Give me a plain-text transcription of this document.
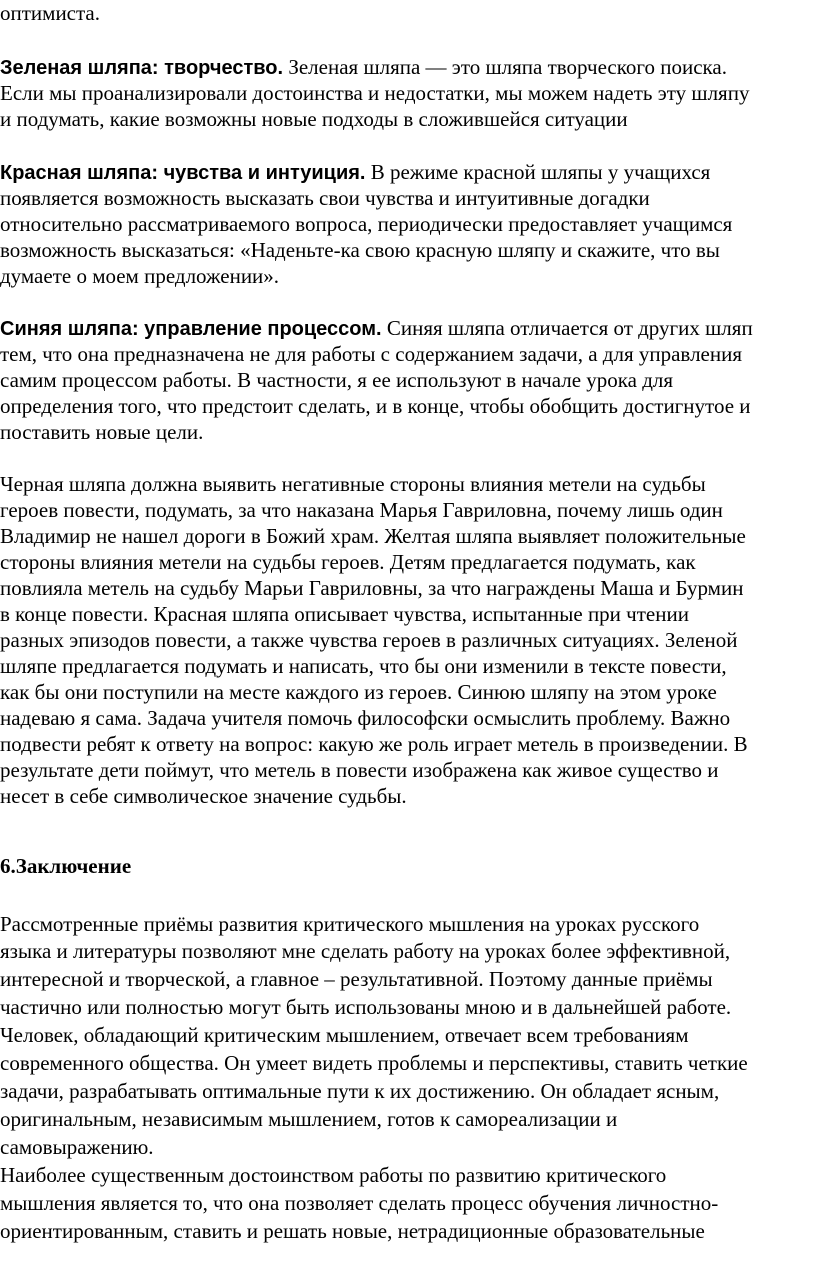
оптимиста.
Зеленая шляпа: творчество. Зеленая шляпа — это шляпа творческого поиска.
Если мы проанализировали достоинства и недостатки, мы можем надеть эту шляпу
и подумать, какие возможны новые подходы в сложившейся ситуации
Красная шляпа: чувства и интуиция. В режиме красной шляпы у учащихся
появляется возможность высказать свои чувства и интуитивные догадки
относительно рассматриваемого вопроса, периодически предоставляет учащимся
возможность высказаться: «Наденьте-ка свою красную шляпу и скажите, что вы
думаете о моем предложении».
Синяя шляпа: управление процессом. Синяя шляпа отличается от других шляп
тем, что она предназначена не для работы с содержанием задачи, а для управления
самим процессом работы. В частности, я ее используют в начале урока для
определения того, что предстоит сделать, и в конце, чтобы обобщить достигнутое и
поставить новые цели.
Черная шляпа должна выявить негативные стороны влияния метели на судьбы
героев повести, подумать, за что наказана Марья Гавриловна, почему лишь один
Владимир не нашел дороги в Божий храм. Желтая шляпа выявляет положительные
стороны влияния метели на судьбы героев. Детям предлагается подумать, как
повлияла метель на судьбу Марьи Гавриловны, за что награждены Маша и Бурмин
в конце повести. Красная шляпа описывает чувства, испытанные при чтении
разных эпизодов повести, а также чувства героев в различных ситуациях. Зеленой
шляпе предлагается подумать и написать, что бы они изменили в тексте повести,
как бы они поступили на месте каждого из героев. Синюю шляпу на этом уроке
надеваю я сама. Задача учителя помочь философски осмыслить проблему. Важно
подвести ребят к ответу на вопрос: какую же роль играет метель в произведении. В
результате дети поймут, что метель в повести изображена как живое существо и
несет в себе символическое значение судьбы.
6.Заключение
Рассмотренные приёмы развития критического мышления на уроках русского
языка и литературы позволяют мне сделать работу на уроках более эффективной,
интересной и творческой, а главное – результативной. Поэтому данные приёмы
частично или полностью могут быть использованы мною и в дальнейшей работе.
Человек, обладающий критическим мышлением, отвечает всем требованиям
современного общества. Он умеет видеть проблемы и перспективы, ставить четкие
задачи, разрабатывать оптимальные пути к их достижению. Он обладает ясным,
оригинальным, независимым мышлением, готов к самореализации и
самовыражению.
Наиболее существенным достоинством работы по развитию критического
мышления является то, что она позволяет сделать процесс обучения личностно-
ориентированным, ставить и решать новые, нетрадиционные образовательные
